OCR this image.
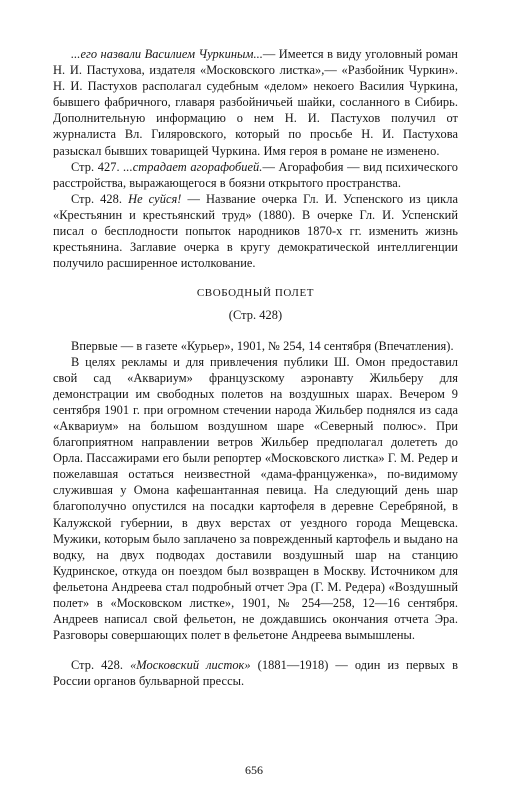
...его назвали Василием Чуркиным...— Имеется в виду уголовный роман Н. И. Пастухова, издателя «Московского листка»,— «Разбойник Чуркин». Н. И. Пастухов располагал судебным «делом» некоего Василия Чуркина, бывшего фабричного, главаря разбойничьей шайки, сосланного в Сибирь. Дополнительную информацию о нем Н. И. Пастухов получил от журналиста Вл. Гиляровского, который по просьбе Н. И. Пастухова разыскал бывших товарищей Чуркина. Имя героя в романе не изменено.

Стр. 427. ...страдает агорафобией.— Агорафобия — вид психического расстройства, выражающегося в боязни открытого пространства.

Стр. 428. Не суйся! — Название очерка Гл. И. Успенского из цикла «Крестьянин и крестьянский труд» (1880). В очерке Гл. И. Успенский писал о бесплодности попыток народников 1870-х гг. изменить жизнь крестьянина. Заглавие очерка в кругу демократической интеллигенции получило расширенное истолкование.

СВОБОДНЫЙ ПОЛЕТ
(Стр. 428)

Впервые — в газете «Курьер», 1901, № 254, 14 сентября (Впечатления).

В целях рекламы и для привлечения публики Ш. Омон предоставил свой сад «Аквариум» французскому аэронавту Жильберу для демонстрации им свободных полетов на воздушных шарах. Вечером 9 сентября 1901 г. при огромном стечении народа Жильбер поднялся из сада «Аквариум» на большом воздушном шаре «Северный полюс». При благоприятном направлении ветров Жильбер предполагал долететь до Орла. Пассажирами его были репортер «Московского листка» Г. М. Редер и пожелавшая остаться неизвестной «дама-француженка», по-видимому служившая у Омона кафешантанная певица. На следующий день шар благополучно опустился на посадки картофеля в деревне Серебряной, в Калужской губернии, в двух верстах от уездного города Мещевска. Мужики, которым было заплачено за поврежденный картофель и выдано на водку, на двух подводах доставили воздушный шар на станцию Кудринское, откуда он поездом был возвращен в Москву. Источником для фельетона Андреева стал подробный отчет Эра (Г. М. Редера) «Воздушный полет» в «Московском листке», 1901, № 254—258, 12—16 сентября. Андреев написал свой фельетон, не дождавшись окончания отчета Эра. Разговоры совершающих полет в фельетоне Андреева вымышлены.

Стр. 428. «Московский листок» (1881—1918) — один из первых в России органов бульварной прессы.

656
